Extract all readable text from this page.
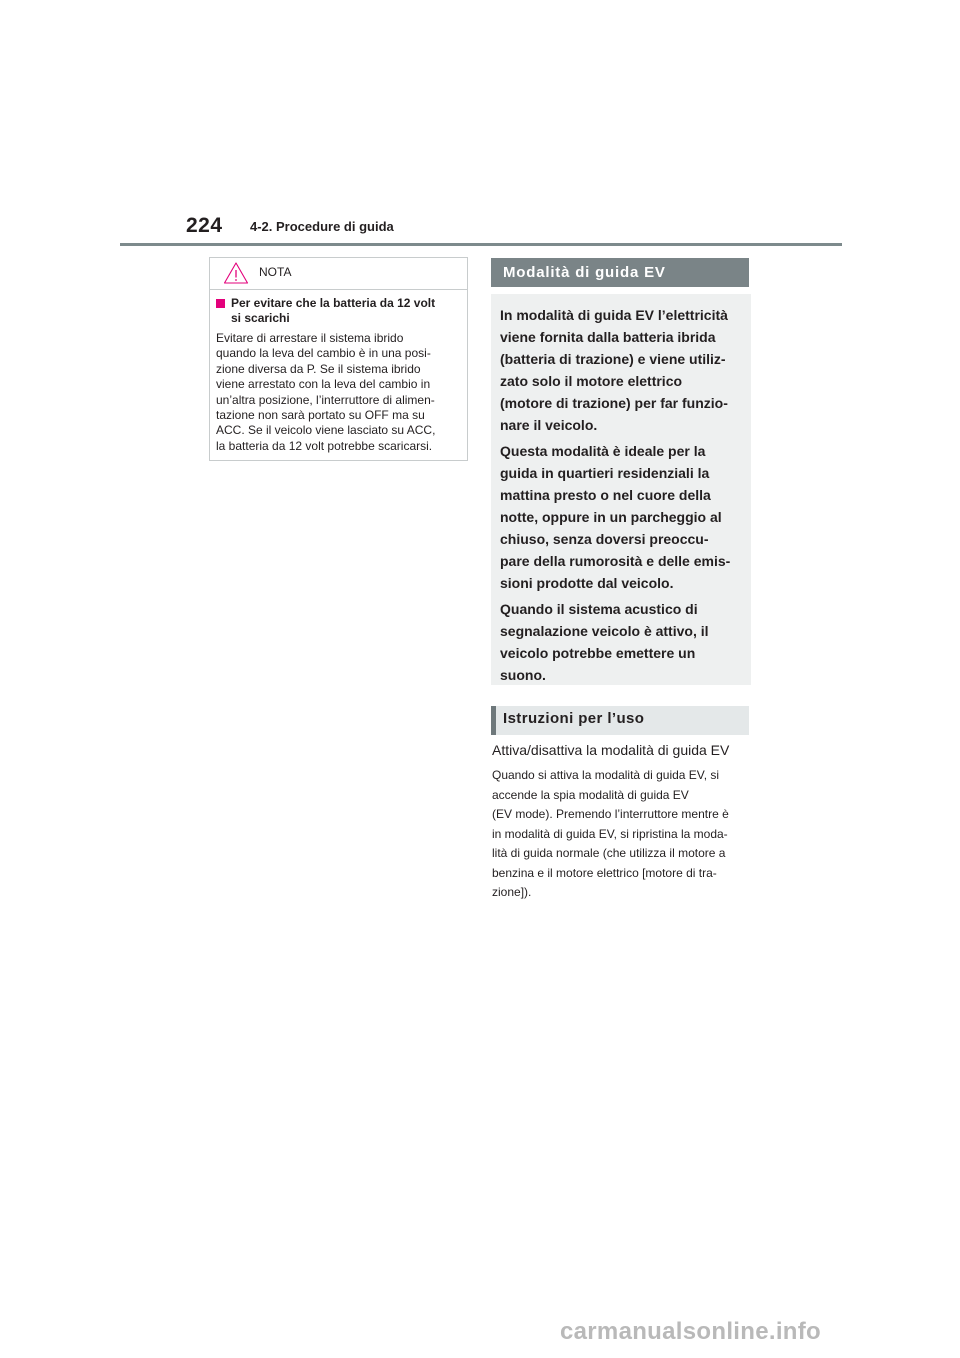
224 4-2. Procedure di guida
NOTA
Per evitare che la batteria da 12 volt
si scarichi
Evitare di arrestare il sistema ibrido
quando la leva del cambio è in una posi-
zione diversa da P. Se il sistema ibrido
viene arrestato con la leva del cambio in
un’altra posizione, l’interruttore di alimen-
tazione non sarà portato su OFF ma su
ACC. Se il veicolo viene lasciato su ACC,
la batteria da 12 volt potrebbe scaricarsi.
Modalità di guida EV
In modalità di guida EV l’elettricità
viene fornita dalla batteria ibrida
(batteria di trazione) e viene utiliz-
zato solo il motore elettrico
(motore di trazione) per far funzio-
nare il veicolo.
Questa modalità è ideale per la
guida in quartieri residenziali la
mattina presto o nel cuore della
notte, oppure in un parcheggio al
chiuso, senza doversi preoccu-
pare della rumorosità e delle emis-
sioni prodotte dal veicolo.
Quando il sistema acustico di
segnalazione veicolo è attivo, il
veicolo potrebbe emettere un
suono.
Istruzioni per l’uso
Attiva/disattiva la modalità di guida EV
Quando si attiva la modalità di guida EV, si
accende la spia modalità di guida EV
(EV mode). Premendo l’interruttore mentre è
in modalità di guida EV, si ripristina la moda-
lità di guida normale (che utilizza il motore a
benzina e il motore elettrico [motore di tra-
zione]).
carmanualsonline.info
